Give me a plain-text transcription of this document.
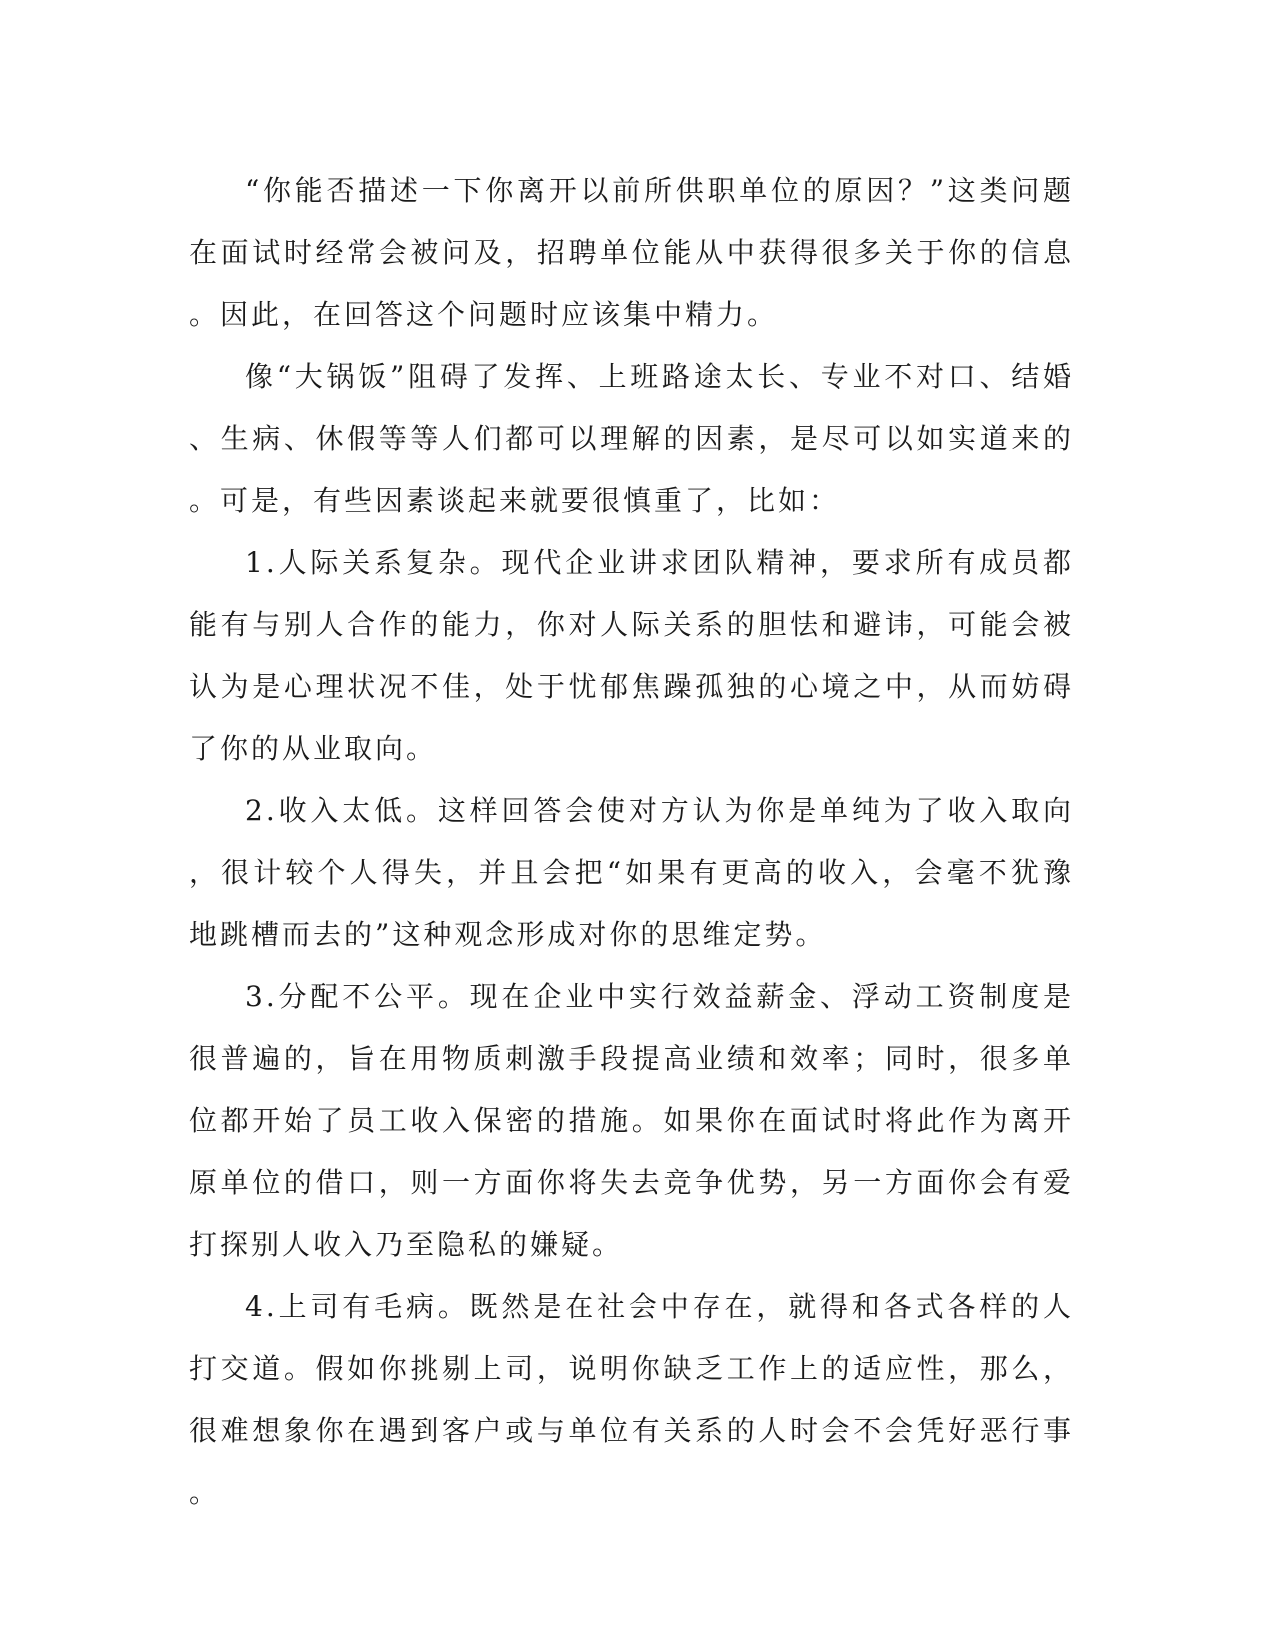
“你能否描述一下你离开以前所供职单位的原因？”这类问题在面试时经常会被问及，招聘单位能从中获得很多关于你的信息。因此，在回答这个问题时应该集中精力。

像“大锅饭”阻碍了发挥、上班路途太长、专业不对口、结婚、生病、休假等等人们都可以理解的因素，是尽可以如实道来的。可是，有些因素谈起来就要很慎重了，比如：

1.人际关系复杂。现代企业讲求团队精神，要求所有成员都能有与别人合作的能力，你对人际关系的胆怯和避讳，可能会被认为是心理状况不佳，处于忧郁焦躁孤独的心境之中，从而妨碍了你的从业取向。

2.收入太低。这样回答会使对方认为你是单纯为了收入取向，很计较个人得失，并且会把“如果有更高的收入，会毫不犹豫地跳槽而去的”这种观念形成对你的思维定势。

3.分配不公平。现在企业中实行效益薪金、浮动工资制度是很普遍的，旨在用物质刺激手段提高业绩和效率；同时，很多单位都开始了员工收入保密的措施。如果你在面试时将此作为离开原单位的借口，则一方面你将失去竞争优势，另一方面你会有爱打探别人收入乃至隐私的嫌疑。

4.上司有毛病。既然是在社会中存在，就得和各式各样的人打交道。假如你挑剔上司，说明你缺乏工作上的适应性，那么，很难想象你在遇到客户或与单位有关系的人时会不会凭好恶行事。
